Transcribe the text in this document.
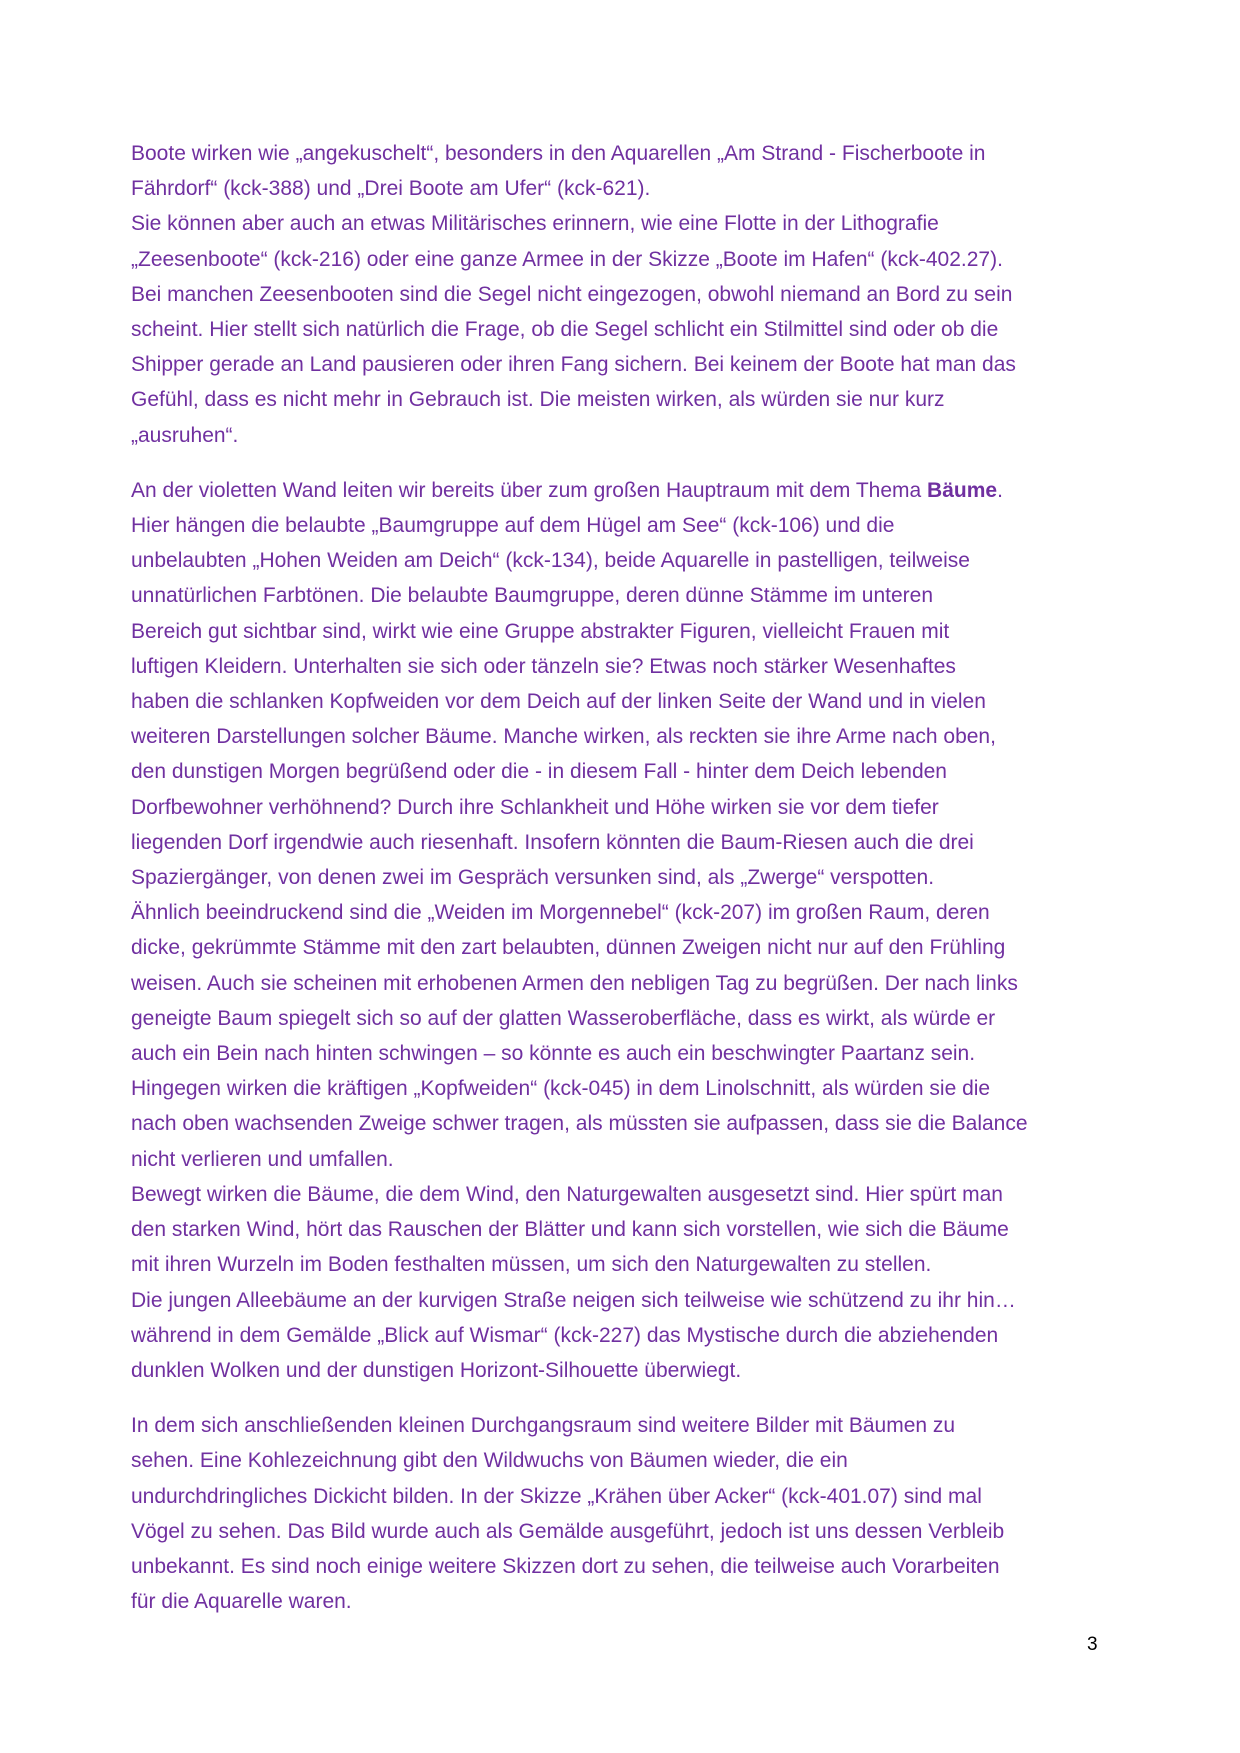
Boote wirken wie „angekuschelt“, besonders in den Aquarellen „Am Strand - Fischerboote in
Fährdorf“ (kck-388) und „Drei Boote am Ufer“ (kck-621).
Sie können aber auch an etwas Militärisches erinnern, wie eine Flotte in der Lithografie
„Zeesenboote“ (kck-216) oder eine ganze Armee in der Skizze „Boote im Hafen“ (kck-402.27).
Bei manchen Zeesenbooten sind die Segel nicht eingezogen, obwohl niemand an Bord zu sein
scheint. Hier stellt sich natürlich die Frage, ob die Segel schlicht ein Stilmittel sind oder ob die
Shipper gerade an Land pausieren oder ihren Fang sichern. Bei keinem der Boote hat man das
Gefühl, dass es nicht mehr in Gebrauch ist. Die meisten wirken, als würden sie nur kurz
„ausruhen“.
An der violetten Wand leiten wir bereits über zum großen Hauptraum mit dem Thema Bäume.
Hier hängen die belaubte „Baumgruppe auf dem Hügel am See“ (kck-106) und die
unbelaubten „Hohen Weiden am Deich“ (kck-134), beide Aquarelle in pastelligen, teilweise
unnatürlichen Farbtönen. Die belaubte Baumgruppe, deren dünne Stämme im unteren
Bereich gut sichtbar sind, wirkt wie eine Gruppe abstrakter Figuren, vielleicht Frauen mit
luftigen Kleidern. Unterhalten sie sich oder tänzeln sie? Etwas noch stärker Wesenhaftes
haben die schlanken Kopfweiden vor dem Deich auf der linken Seite der Wand und in vielen
weiteren Darstellungen solcher Bäume. Manche wirken, als reckten sie ihre Arme nach oben,
den dunstigen Morgen begrüßend oder die - in diesem Fall - hinter dem Deich lebenden
Dorfbewohner verhöhnend? Durch ihre Schlankheit und Höhe wirken sie vor dem tiefer
liegenden Dorf irgendwie auch riesenhaft. Insofern könnten die Baum-Riesen auch die drei
Spaziergänger, von denen zwei im Gespräch versunken sind, als „Zwerge“ verspotten.
Ähnlich beeindruckend sind die „Weiden im Morgennebel“ (kck-207) im großen Raum, deren
dicke, gekrümmte Stämme mit den zart belaubten, dünnen Zweigen nicht nur auf den Frühling
weisen. Auch sie scheinen mit erhobenen Armen den nebligen Tag zu begrüßen. Der nach links
geneigte Baum spiegelt sich so auf der glatten Wasseroberfläche, dass es wirkt, als würde er
auch ein Bein nach hinten schwingen – so könnte es auch ein beschwingter Paartanz sein.
Hingegen wirken die kräftigen „Kopfweiden“ (kck-045) in dem Linolschnitt, als würden sie die
nach oben wachsenden Zweige schwer tragen, als müssten sie aufpassen, dass sie die Balance
nicht verlieren und umfallen.
Bewegt wirken die Bäume, die dem Wind, den Naturgewalten ausgesetzt sind. Hier spürt man
den starken Wind, hört das Rauschen der Blätter und kann sich vorstellen, wie sich die Bäume
mit ihren Wurzeln im Boden festhalten müssen, um sich den Naturgewalten zu stellen.
Die jungen Alleebäume an der kurvigen Straße neigen sich teilweise wie schützend zu ihr hin…
während in dem Gemälde „Blick auf Wismar“ (kck-227) das Mystische durch die abziehenden
dunklen Wolken und der dunstigen Horizont-Silhouette überwiegt.
In dem sich anschließenden kleinen Durchgangsraum sind weitere Bilder mit Bäumen zu
sehen. Eine Kohlezeichnung gibt den Wildwuchs von Bäumen wieder, die ein
undurchdringliches Dickicht bilden. In der Skizze „Krähen über Acker“ (kck-401.07) sind mal
Vögel zu sehen. Das Bild wurde auch als Gemälde ausgeführt, jedoch ist uns dessen Verbleib
unbekannt. Es sind noch einige weitere Skizzen dort zu sehen, die teilweise auch Vorarbeiten
für die Aquarelle waren.
3
